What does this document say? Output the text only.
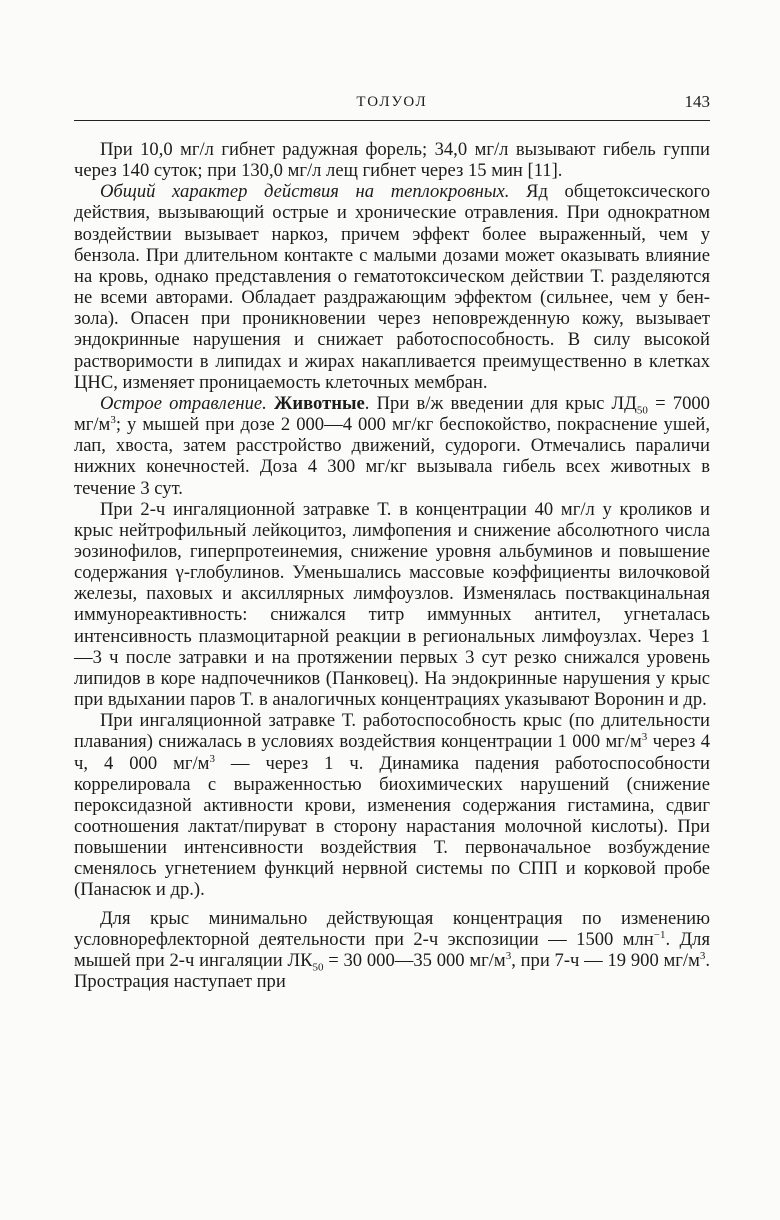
ТОЛУОЛ	143

При 10,0 мг/л гибнет радужная форель; 34,0 мг/л вызывают гибель гуппи через 140 суток; при 130,0 мг/л лещ гибнет через 15 мин [11].

Общий характер действия на теплокровных. Яд общетоксического действия, вызывающий острые и хронические отравления. При однократном воздействии вызывает наркоз, причем эффект более выраженный, чем у бензола. При длительном контакте с малыми дозами может оказывать влияние на кровь, однако представления о гематотоксическом действии Т. разделяются не всеми авторами. Обладает раздражающим эффектом (сильнее, чем у бензола). Опасен при проникновении через неповрежденную кожу, вызывает эндокринные нарушения и снижает работоспособность. В силу высокой растворимости в липидах и жирах накапливается преимущественно в клетках ЦНС, изменяет проницаемость клеточных мембран.

Острое отравление. Животные. При в/ж введении для крыс $ЛД_{50} = 7000$ $мг/м^3$; у мышей при дозе 2 000—4 000 мг/кг беспокойство, покраснение ушей, лап, хвоста, затем расстройство движений, судороги. Отмечались параличи нижних конечностей. Доза 4 300 мг/кг вызывала гибель всех животных в течение 3 сут.

При 2-ч ингаляционной затравке Т. в концентрации 40 мг/л у кроликов и крыс нейтрофильный лейкоцитоз, лимфопения и снижение абсолютного числа эозинофилов, гиперпротеинемия, снижение уровня альбуминов и повышение содержания γ-глобулинов. Уменьшались массовые коэффициенты вилочковой железы, паховых и аксиллярных лимфоузлов. Изменялась поствакцинальная иммунореактивность: снижался титр иммунных антител, угнеталась интенсивность плазмоцитарной реакции в региональных лимфоузлах. Через 1—3 ч после затравки и на протяжении первых 3 сут резко снижался уровень липидов в коре надпочечников (Панковец). На эндокринные нарушения у крыс при вдыхании паров Т. в аналогичных концентрациях указывают Воронин и др.

При ингаляционной затравке Т. работоспособность крыс (по длительности плавания) снижалась в условиях воздействия концентрации 1 000 $мг/м^3$ через 4 ч, 4 000 $мг/м^3$ — через 1 ч. Динамика падения работоспособности коррелировала с выраженностью биохимических нарушений (снижение пероксидазной активности крови, изменения содержания гистамина, сдвиг соотношения лактат/пируват в сторону нарастания молочной кислоты). При повышении интенсивности воздействия Т. первоначальное возбуждение сменялось угнетением функций нервной системы по СПП и корковой пробе (Панасюк и др.).

Для крыс минимально действующая концентрация по изменению условнорефлекторной деятельности при 2-ч экспозиции — 1500 млн$^{-1}$. Для мышей при 2-ч ингаляции $ЛК_{50} = 30$ 000—35 000 $мг/м^3$, при 7-ч — 19 900 $мг/м^3$. Прострация наступает при
